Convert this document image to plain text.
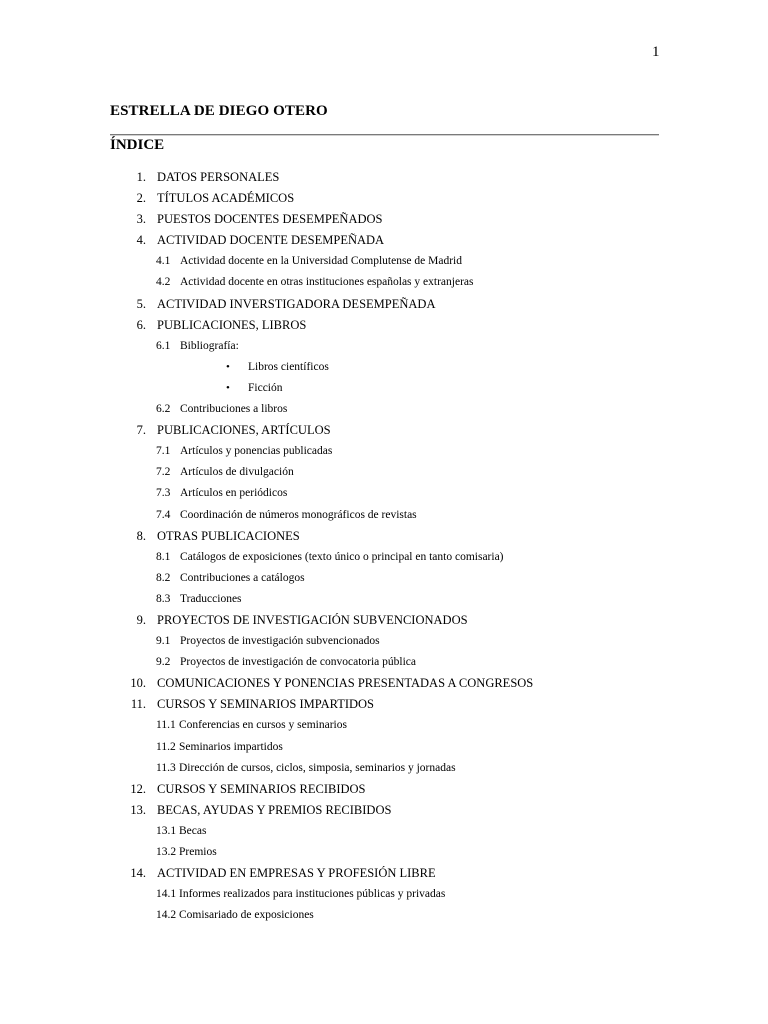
1
ESTRELLA DE DIEGO OTERO
ÍNDICE
1. DATOS PERSONALES
2. TÍTULOS ACADÉMICOS
3. PUESTOS DOCENTES DESEMPEÑADOS
4. ACTIVIDAD DOCENTE DESEMPEÑADA
4.1 Actividad docente en la Universidad Complutense de Madrid
4.2 Actividad docente en otras instituciones españolas y extranjeras
5. ACTIVIDAD INVERSTIGADORA DESEMPEÑADA
6. PUBLICACIONES, LIBROS
6.1 Bibliografía:
• Libros científicos
• Ficción
6.2 Contribuciones a libros
7. PUBLICACIONES, ARTÍCULOS
7.1 Artículos y ponencias publicadas
7.2 Artículos de divulgación
7.3 Artículos en periódicos
7.4 Coordinación de números monográficos de revistas
8. OTRAS PUBLICACIONES
8.1 Catálogos de exposiciones (texto único o principal en tanto comisaria)
8.2 Contribuciones a catálogos
8.3 Traducciones
9. PROYECTOS DE INVESTIGACIÓN SUBVENCIONADOS
9.1 Proyectos de investigación subvencionados
9.2 Proyectos de investigación de convocatoria pública
10. COMUNICACIONES Y PONENCIAS PRESENTADAS A CONGRESOS
11. CURSOS Y SEMINARIOS IMPARTIDOS
11.1 Conferencias en cursos y seminarios
11.2 Seminarios impartidos
11.3 Dirección de cursos, ciclos, simposia, seminarios y jornadas
12. CURSOS Y SEMINARIOS RECIBIDOS
13. BECAS, AYUDAS Y PREMIOS RECIBIDOS
13.1 Becas
13.2 Premios
14. ACTIVIDAD EN EMPRESAS Y PROFESIÓN LIBRE
14.1 Informes realizados para instituciones públicas y privadas
14.2 Comisariado de exposiciones
